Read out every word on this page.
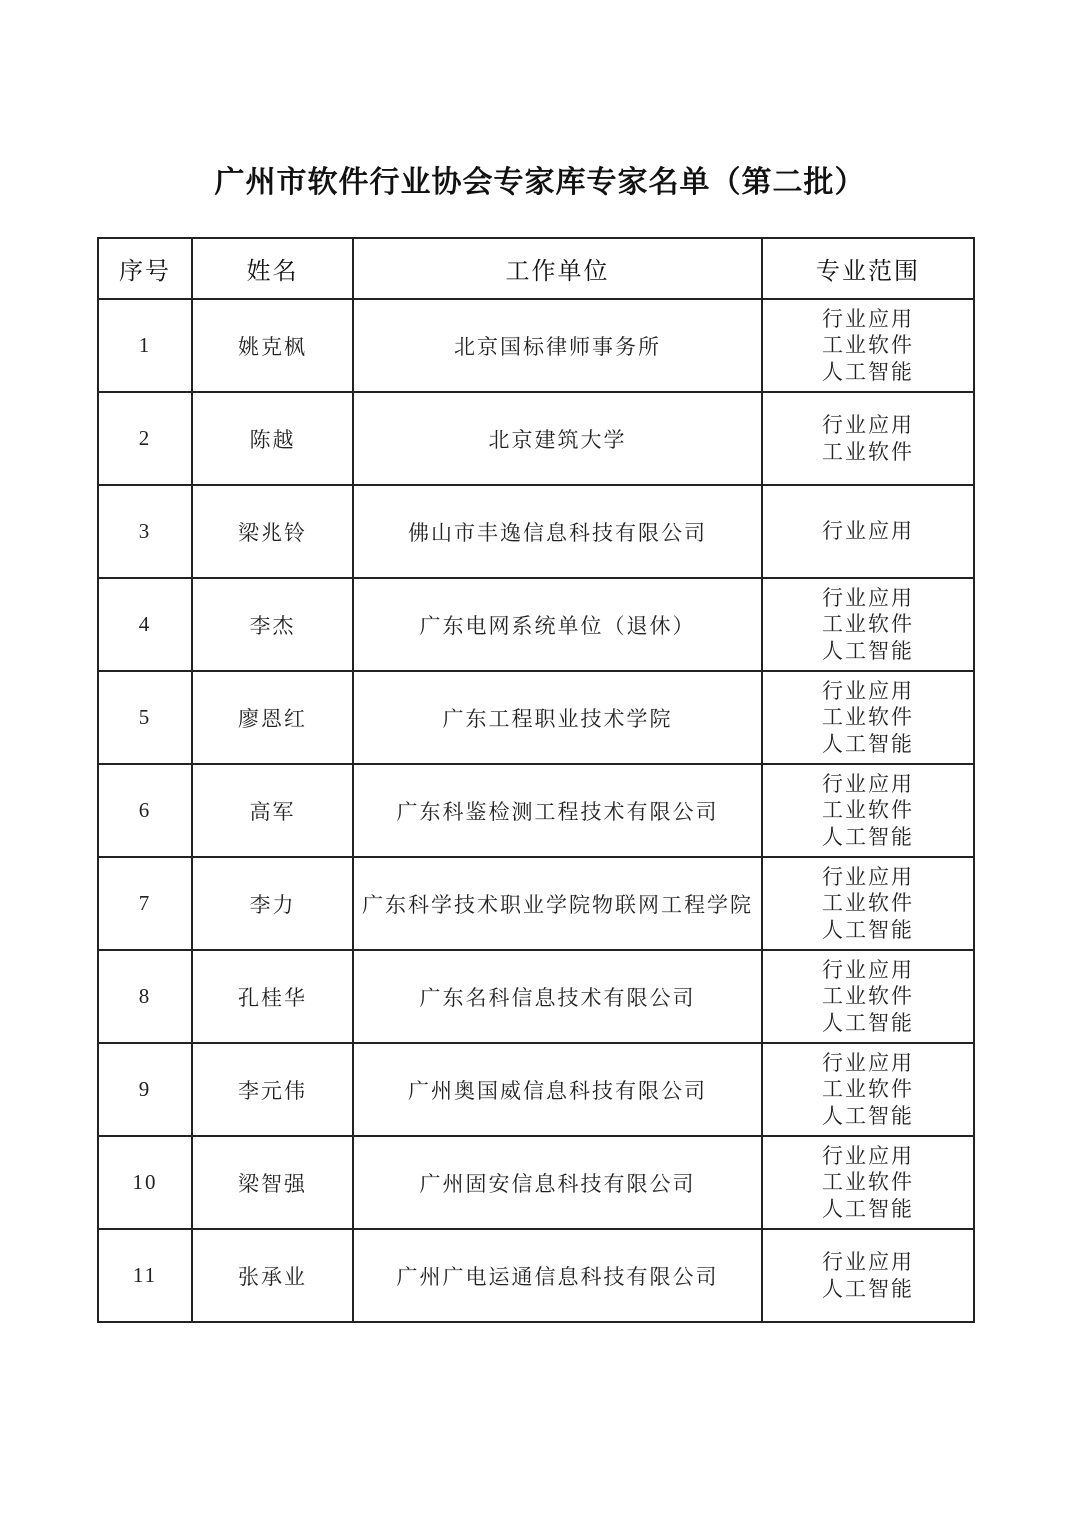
广州市软件行业协会专家库专家名单（第二批）
序号	姓名	工作单位	专业范围
1	姚克枫	北京国标律师事务所	行业应用
工业软件
人工智能

2	陈越	北京建筑大学	行业应用
工业软件

3	梁兆铃	佛山市丰逸信息科技有限公司	行业应用

4	李杰	广东电网系统单位（退休）	行业应用
工业软件
人工智能

5	廖恩红	广东工程职业技术学院	行业应用
工业软件
人工智能

6	高军	广东科鉴检测工程技术有限公司	行业应用
工业软件
人工智能

7	李力	广东科学技术职业学院物联网工程学院	行业应用
工业软件
人工智能

8	孔桂华	广东名科信息技术有限公司	行业应用
工业软件
人工智能

9	李元伟	广州奥国威信息科技有限公司	行业应用
工业软件
人工智能

10	梁智强	广州固安信息科技有限公司	行业应用
工业软件
人工智能

11	张承业	广州广电运通信息科技有限公司	行业应用
人工智能
